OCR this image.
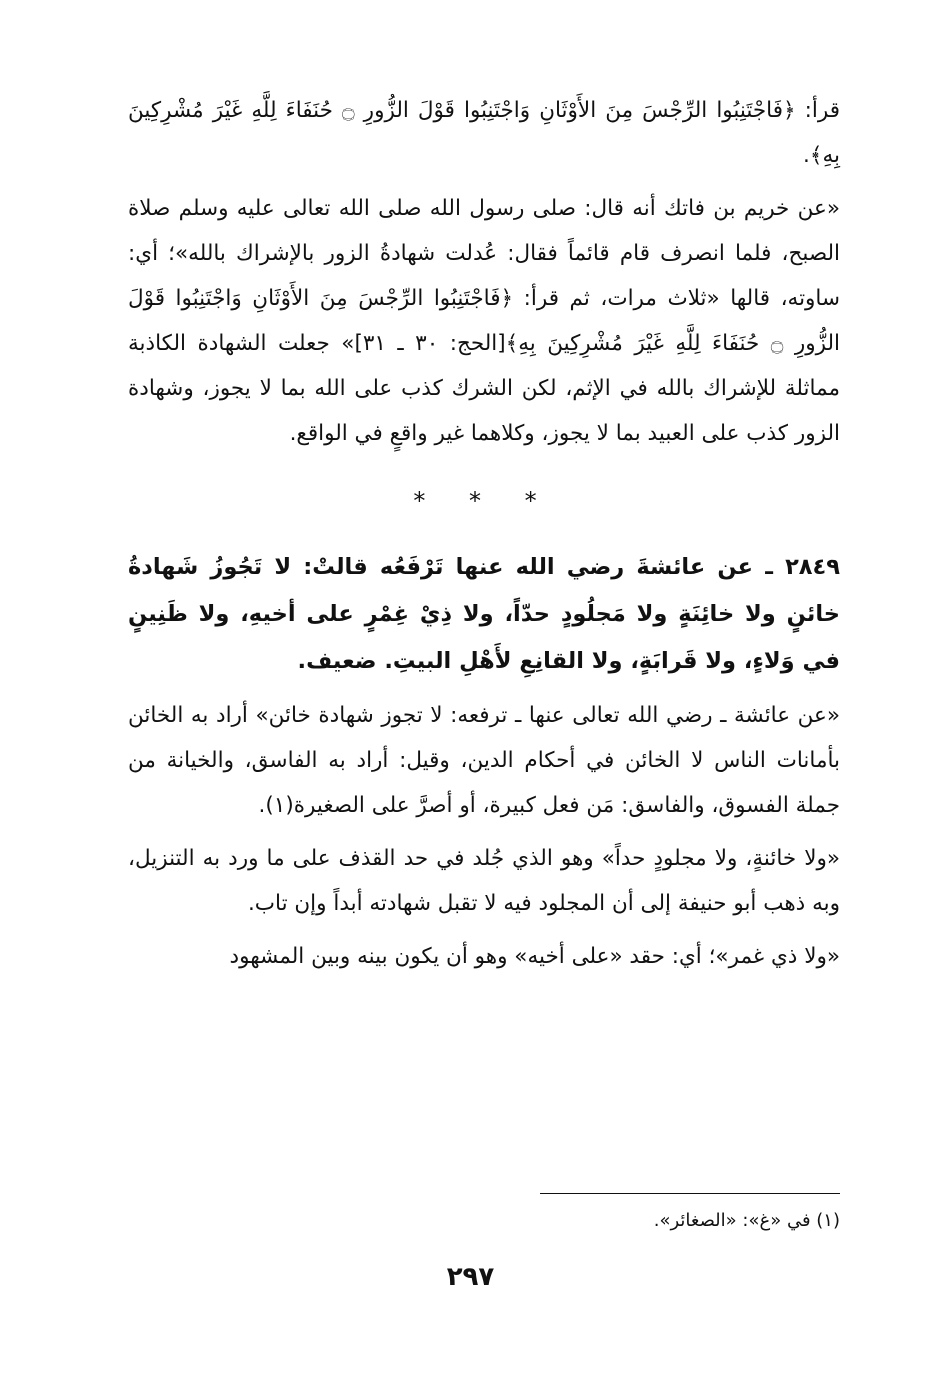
قرأ: ﴿فَاجْتَنِبُوا الرِّجْسَ مِنَ الأَوْثَانِ وَاجْتَنِبُوا قَوْلَ الزُّورِ ۝ حُنَفَاءَ لِلَّهِ غَيْرَ مُشْرِكِينَ بِهِ﴾.

«عن خريم بن فاتك أنه قال: صلى رسول الله صلى الله تعالى عليه وسلم صلاة الصبح، فلما انصرف قام قائماً فقال: عُدلت شهادةُ الزور بالإشراك بالله»؛ أي: ساوته، قالها «ثلاث مرات، ثم قرأ: ﴿فَاجْتَنِبُوا الرِّجْسَ مِنَ الأَوْثَانِ وَاجْتَنِبُوا قَوْلَ الزُّورِ ۝ حُنَفَاءَ لِلَّهِ غَيْرَ مُشْرِكِينَ بِهِ﴾[الحج: ٣٠ ـ ٣١]» جعلت الشهادة الكاذبة مماثلة للإشراك بالله في الإثم، لكن الشرك كذب على الله بما لا يجوز، وشهادة الزور كذب على العبيد بما لا يجوز، وكلاهما غير واقعٍ في الواقع.

* * *

٢٨٤٩ ـ عن عائشةَ رضي الله عنها تَرْفَعُه قالتْ: لا تَجُوزُ شَهادةُ خائنٍ ولا خائِنَةٍ ولا مَجلُودٍ حدّاً، ولا ذِيْ غِمْرٍ على أخيهِ، ولا ظَنِينٍ في وَلاءٍ، ولا قَرابَةٍ، ولا القانِعِ لأَهْلِ البيتِ. ضعيف.

«عن عائشة ـ رضي الله تعالى عنها ـ ترفعه: لا تجوز شهادة خائن» أراد به الخائن بأمانات الناس لا الخائن في أحكام الدين، وقيل: أراد به الفاسق، والخيانة من جملة الفسوق، والفاسق: مَن فعل كبيرة، أو أصرَّ على الصغيرة(١).

«ولا خائنةٍ، ولا مجلودٍ حداً» وهو الذي جُلد في حد القذف على ما ورد به التنزيل، وبه ذهب أبو حنيفة إلى أن المجلود فيه لا تقبل شهادته أبداً وإن تاب.

«ولا ذي غمر»؛ أي: حقد «على أخيه» وهو أن يكون بينه وبين المشهود

(١) في «غ»: «الصغائر».
٢٩٧
